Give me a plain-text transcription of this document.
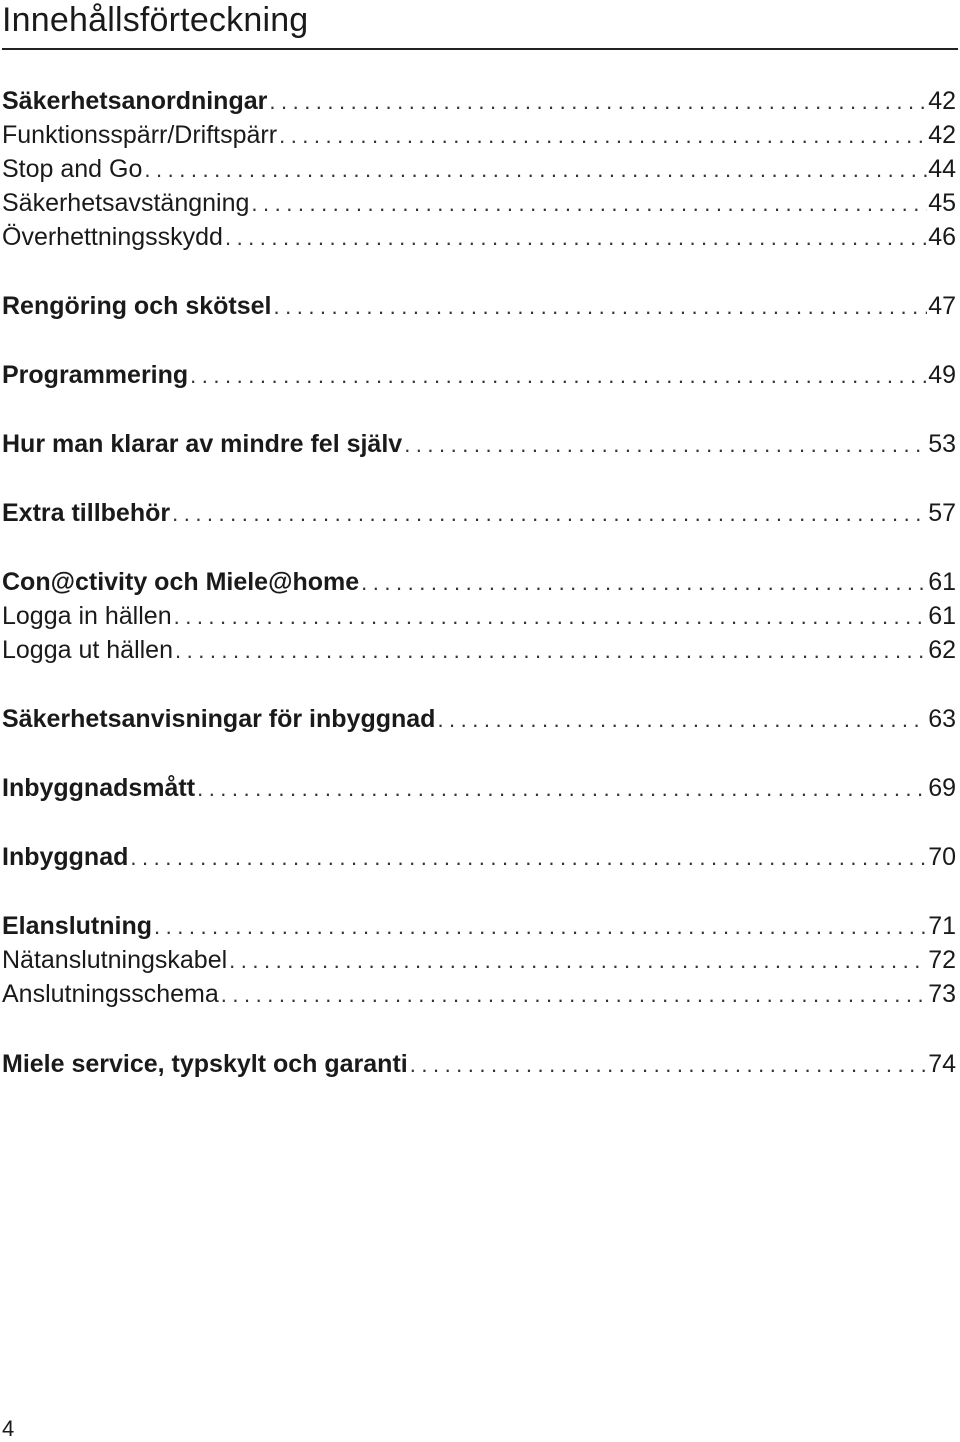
Innehållsförteckning
Säkerhetsanordningar .....	42
Funktionsspärr/Driftspärr .....	42
Stop and Go .....	44
Säkerhetsavstängning .....	45
Överhettningsskydd .....	46
Rengöring och skötsel .....	47
Programmering .....	49
Hur man klarar av mindre fel själv .....	53
Extra tillbehör .....	57
Con@ctivity och Miele@home .....	61
Logga in hällen .....	61
Logga ut hällen .....	62
Säkerhetsanvisningar för inbyggnad .....	63
Inbyggnadsmått .....	69
Inbyggnad .....	70
Elanslutning .....	71
Nätanslutningskabel .....	72
Anslutningsschema .....	73
Miele service, typskylt och garanti .....	74
4
